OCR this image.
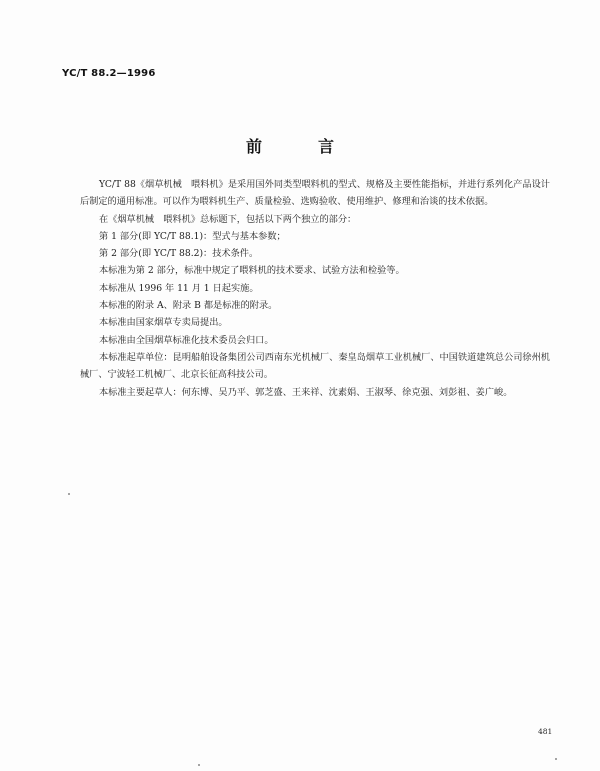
YC/T 88.2—1996
前　言

YC/T 88《烟草机械　喂料机》是采用国外同类型喂料机的型式、规格及主要性能指标，并进行系列化产品设计后制定的通用标准。可以作为喂料机生产、质量检验、选购验收、使用维护、修理和治谈的技术依据。

在《烟草机械　喂料机》总标题下，包括以下两个独立的部分：

第 1 部分(即 YC/T 88.1)：型式与基本参数；

第 2 部分(即 YC/T 88.2)：技术条件。

本标准为第 2 部分，标准中规定了喂料机的技术要求、试验方法和检验等。

本标准从 1996 年 11 月 1 日起实施。

本标准的附录 A、附录 B 都是标准的附录。

本标准由国家烟草专卖局提出。

本标准由全国烟草标准化技术委员会归口。

本标准起草单位：昆明船舶设备集团公司西南东光机械厂、秦皇岛烟草工业机械厂、中国铁道建筑总公司徐州机械厂、宁波轻工机械厂、北京长征高科技公司。

本标准主要起草人：何东博、吴乃平、郭芝盛、王来祥、沈素娟、王淑琴、徐克强、刘彭祖、姜广峻。

481
